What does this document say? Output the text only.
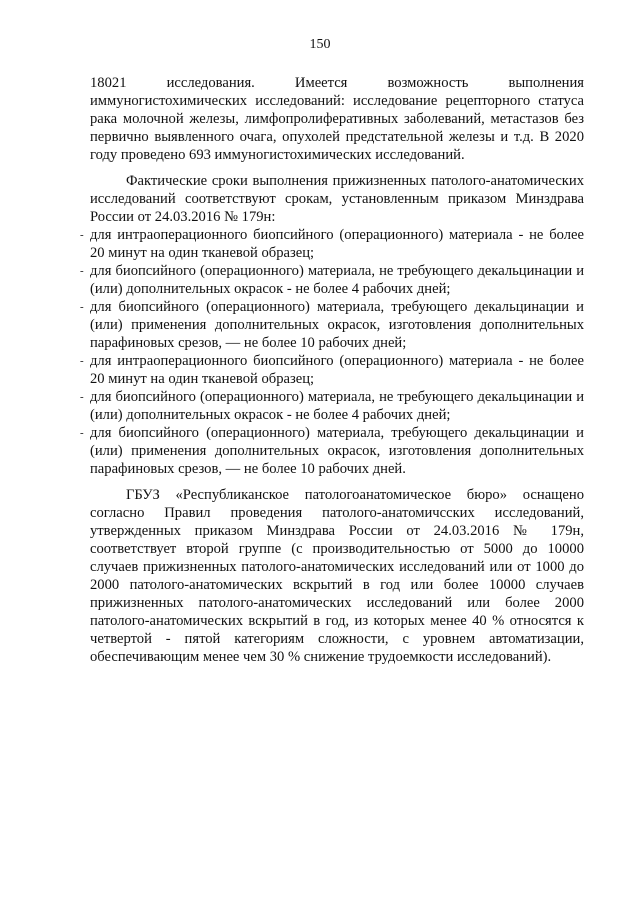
150

18021 исследования. Имеется возможность выполнения иммуногистохимических исследований: исследование рецепторного статуса рака молочной железы, лимфопролиферативных заболеваний, метастазов без первично выявленного очага, опухолей предстательной железы и т.д. В 2020 году проведено 693 иммуногистохимических исследований.

Фактические сроки выполнения прижизненных патолого-анатомических исследований соответствуют срокам, установленным приказом Минздрава России от 24.03.2016 № 179н:

- для интраоперационного биопсийного (операционного) материала - не более 20 минут на один тканевой образец;
- для биопсийного (операционного) материала, не требующего декальцинации и (или) дополнительных окрасок - не более 4 рабочих дней;
- для биопсийного (операционного) материала, требующего декальцинации и (или) применения дополнительных окрасок, изготовления дополнительных парафиновых срезов, — не более 10 рабочих дней;
- для интраоперационного биопсийного (операционного) материала - не более 20 минут на один тканевой образец;
- для биопсийного (операционного) материала, не требующего декальцинации и (или) дополнительных окрасок - не более 4 рабочих дней;
- для биопсийного (операционного) материала, требующего декальцинации и (или) применения дополнительных окрасок, изготовления дополнительных парафиновых срезов, — не более 10 рабочих дней.

ГБУЗ «Республиканское патологоанатомическое бюро» оснащено согласно Правил проведения патолого-анатомичсских исследований, утвержденных приказом Минздрава России от 24.03.2016 № 179н, соответствует второй группе (с производительностью от 5000 до 10000 случаев прижизненных патолого-анатомических исследований или от 1000 до 2000 патолого-анатомических вскрытий в год или более 10000 случаев прижизненных патолого-анатомических исследований или более 2000 патолого-анатомических вскрытий в год, из которых менее 40 % относятся к четвертой - пятой категориям сложности, с уровнем автоматизации, обеспечивающим менее чем 30 % снижение трудоемкости исследований).
